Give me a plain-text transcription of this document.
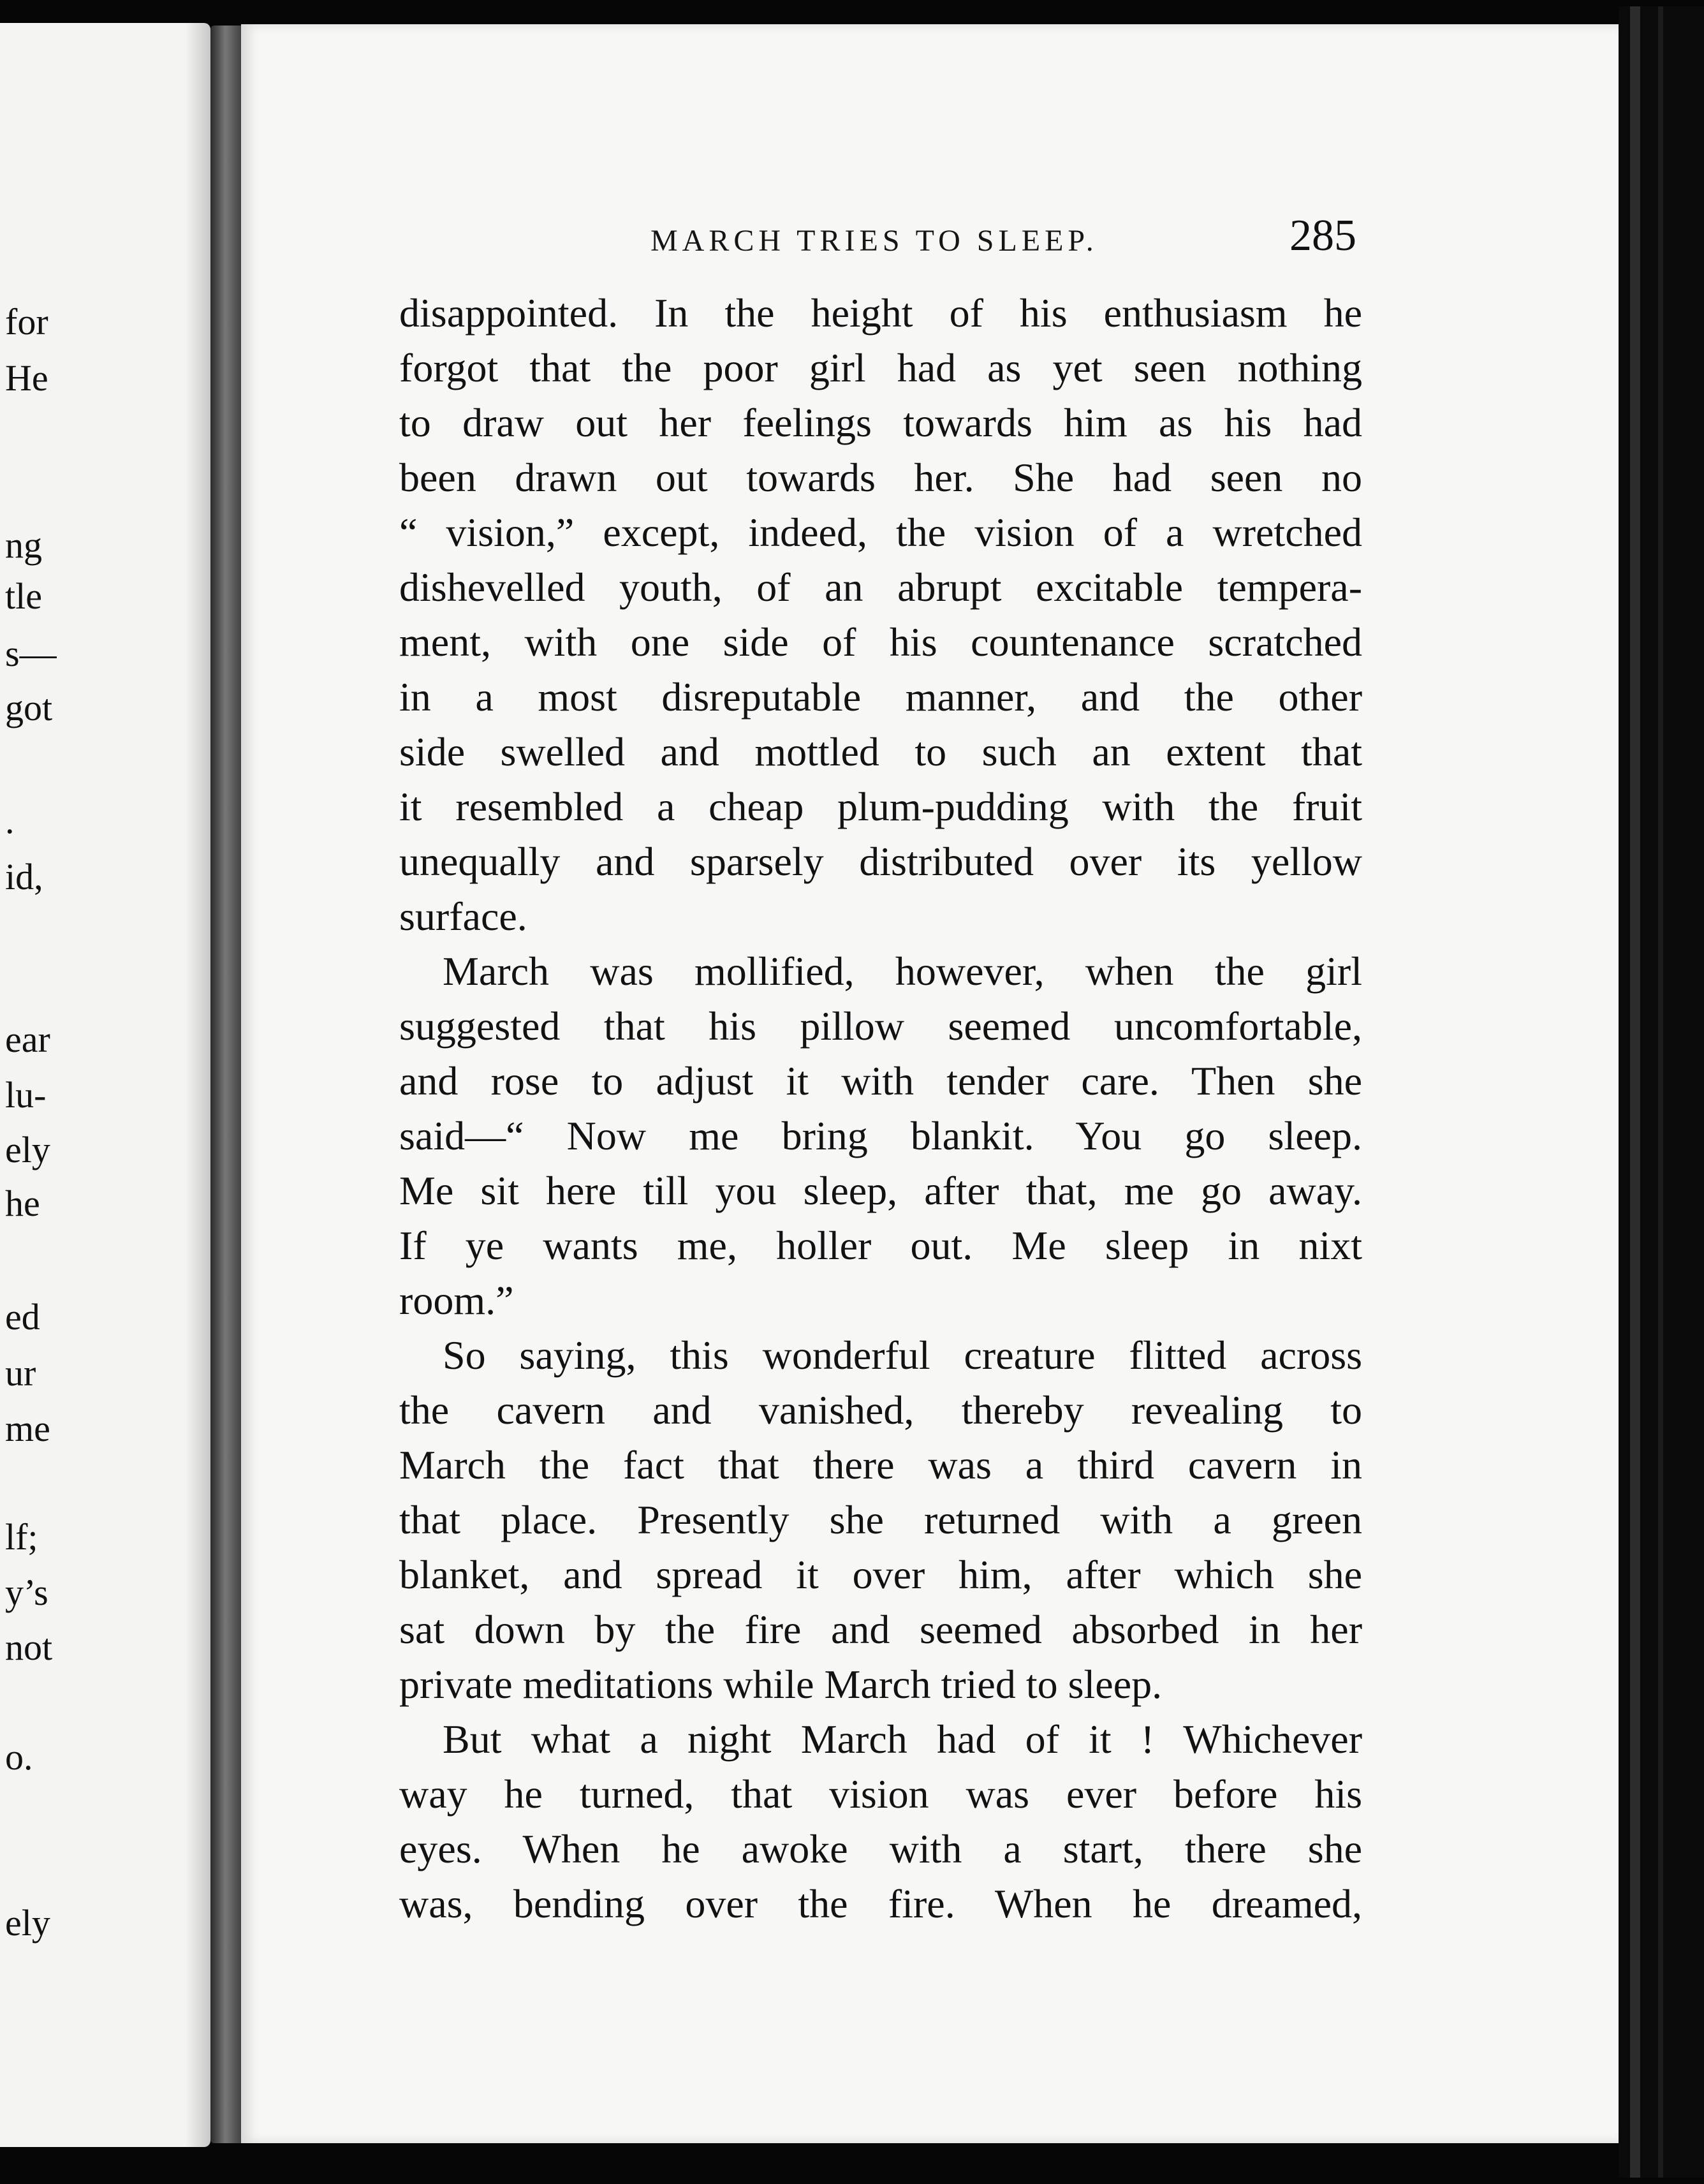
for
He
ng
tle
s—
got
.
id,
ear
lu-
ely
he
ed
ur
me
lf;
y’s
not
o.
ely
MARCH TRIES TO SLEEP.	285
disappointed. In the height of his enthusiasm he
forgot that the poor girl had as yet seen nothing
to draw out her feelings towards him as his had
been drawn out towards her. She had seen no
“ vision,” except, indeed, the vision of a wretched
dishevelled youth, of an abrupt excitable tempera-
ment, with one side of his countenance scratched
in a most disreputable manner, and the other
side swelled and mottled to such an extent that
it resembled a cheap plum-pudding with the fruit
unequally and sparsely distributed over its yellow
surface.
March was mollified, however, when the girl
suggested that his pillow seemed uncomfortable,
and rose to adjust it with tender care. Then she
said—“ Now me bring blankit. You go sleep.
Me sit here till you sleep, after that, me go away.
If ye wants me, holler out. Me sleep in nixt
room.”
So saying, this wonderful creature flitted across
the cavern and vanished, thereby revealing to
March the fact that there was a third cavern in
that place. Presently she returned with a green
blanket, and spread it over him, after which she
sat down by the fire and seemed absorbed in her
private meditations while March tried to sleep.
But what a night March had of it ! Whichever
way he turned, that vision was ever before his
eyes. When he awoke with a start, there she
was, bending over the fire. When he dreamed,
